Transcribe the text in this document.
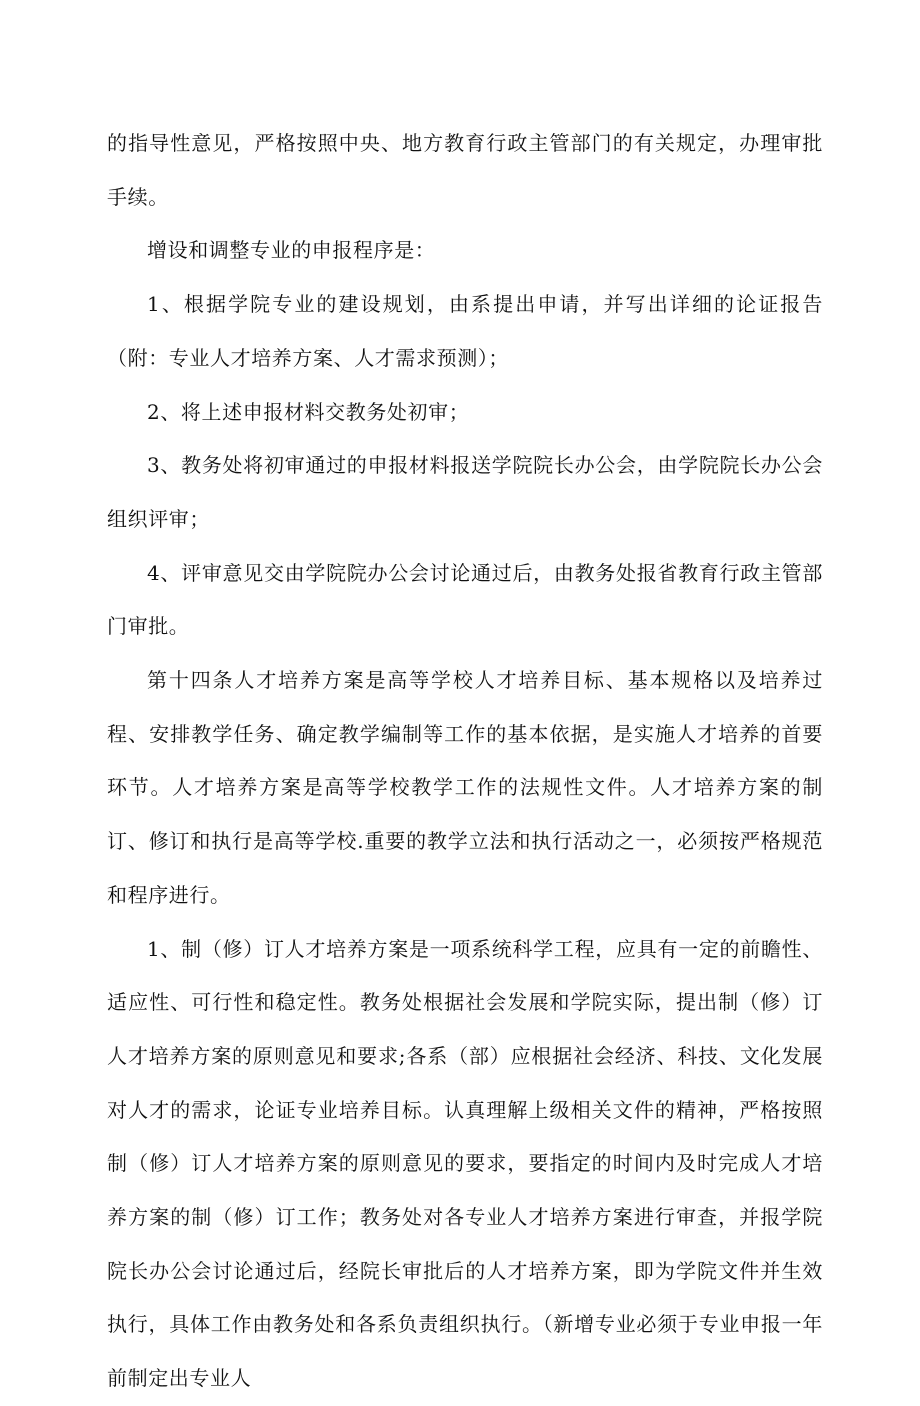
的指导性意见，严格按照中央、地方教育行政主管部门的有关规定，办理审批手续。

增设和调整专业的申报程序是：

1、根据学院专业的建设规划，由系提出申请，并写出详细的论证报告（附：专业人才培养方案、人才需求预测）；

2、将上述申报材料交教务处初审；

3、教务处将初审通过的申报材料报送学院院长办公会，由学院院长办公会组织评审；

4、评审意见交由学院院办公会讨论通过后，由教务处报省教育行政主管部门审批。

第十四条人才培养方案是高等学校人才培养目标、基本规格以及培养过程、安排教学任务、确定教学编制等工作的基本依据，是实施人才培养的首要环节。人才培养方案是高等学校教学工作的法规性文件。人才培养方案的制订、修订和执行是高等学校.重要的教学立法和执行活动之一，必须按严格规范和程序进行。

1、制（修）订人才培养方案是一项系统科学工程，应具有一定的前瞻性、适应性、可行性和稳定性。教务处根据社会发展和学院实际，提出制（修）订人才培养方案的原则意见和要求;各系（部）应根据社会经济、科技、文化发展对人才的需求，论证专业培养目标。认真理解上级相关文件的精神，严格按照制（修）订人才培养方案的原则意见的要求，要指定的时间内及时完成人才培养方案的制（修）订工作；教务处对各专业人才培养方案进行审查，并报学院院长办公会讨论通过后，经院长审批后的人才培养方案，即为学院文件并生效执行，具体工作由教务处和各系负责组织执行。（新增专业必须于专业申报一年前制定出专业人
